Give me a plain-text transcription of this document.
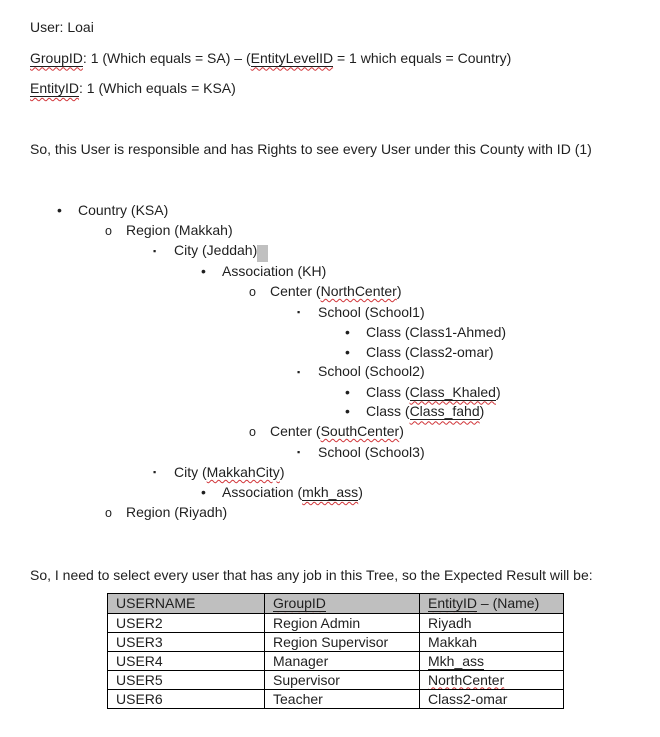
User: Loai

GroupID: 1 (Which equals = SA) – (EntityLevelID = 1 which equals = Country)

EntityID: 1 (Which equals = KSA)

So, this User is responsible and has Rights to see every User under this County with ID (1)

• Country (KSA)
o Region (Makkah)
▪ City (Jeddah)
• Association (KH)
o Center (NorthCenter)
▪ School (School1)
• Class (Class1-Ahmed)
• Class (Class2-omar)
▪ School (School2)
• Class (Class_Khaled)
• Class (Class_fahd)
o Center (SouthCenter)
▪ School (School3)
▪ City (MakkahCity)
• Association (mkh_ass)
o Region (Riyadh)

So, I need to select every user that has any job in this Tree, so the Expected Result will be:

USERNAME	GroupID	EntityID – (Name)
USER2	Region Admin	Riyadh
USER3	Region Supervisor	Makkah
USER4	Manager	Mkh_ass
USER5	Supervisor	NorthCenter
USER6	Teacher	Class2-omar
